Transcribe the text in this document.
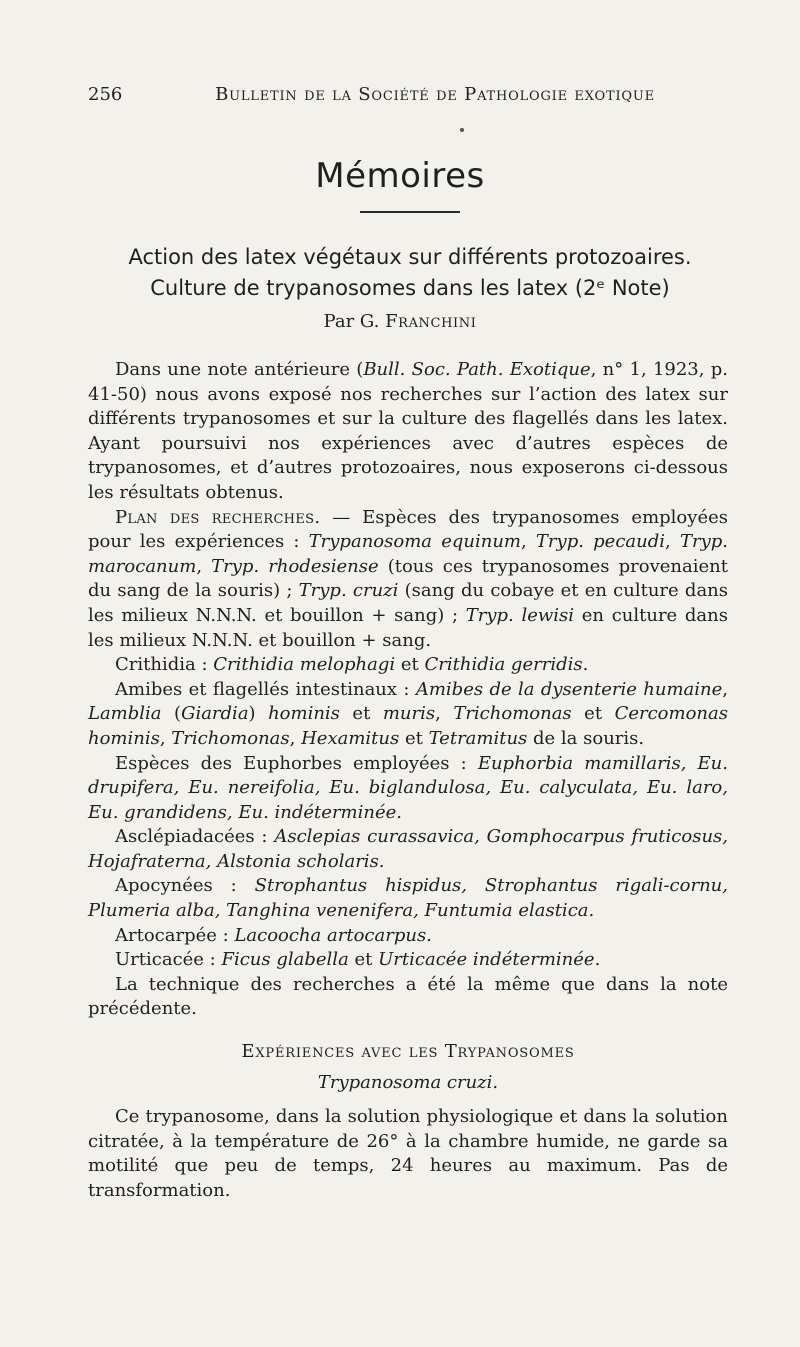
256	Bulletin de la Société de Pathologie exotique
Mémoires
Action des latex végétaux sur différents protozoaires.
Culture de trypanosomes dans les latex (2ᵉ Note)
Par G. Franchini

Dans une note antérieure (Bull. Soc. Path. Exotique, n° 1, 1923, p. 41-50) nous avons exposé nos recherches sur l’action des latex sur différents trypanosomes et sur la culture des flagellés dans les latex. Ayant poursuivi nos expériences avec d’autres espèces de trypanosomes, et d’autres protozoaires, nous exposerons ci-dessous les résultats obtenus.

Plan des recherches. — Espèces des trypanosomes employées pour les expériences : Trypanosoma equinum, Tryp. pecaudi, Tryp. marocanum, Tryp. rhodesiense (tous ces trypanosomes provenaient du sang de la souris) ; Tryp. cruzi (sang du cobaye et en culture dans les milieux N.N.N. et bouillon + sang) ; Tryp. lewisi en culture dans les milieux N.N.N. et bouillon + sang.

Crithidia : Crithidia melophagi et Crithidia gerridis.

Amibes et flagellés intestinaux : Amibes de la dysenterie humaine, Lamblia (Giardia) hominis et muris, Trichomonas et Cercomonas hominis, Trichomonas, Hexamitus et Tetramitus de la souris.

Espèces des Euphorbes employées : Euphorbia mamillaris, Eu. drupifera, Eu. nereifolia, Eu. biglandulosa, Eu. calyculata, Eu. laro, Eu. grandidens, Eu. indéterminée.

Asclépiadacées : Asclepias curassavica, Gomphocarpus fruticosus, Hojafraterna, Alstonia scholaris.

Apocynées : Strophantus hispidus, Strophantus rigali-cornu, Plumeria alba, Tanghina venenifera, Funtumia elastica.

Artocarpée : Lacoocha artocarpus.

Urticacée : Ficus glabella et Urticacée indéterminée.

La technique des recherches a été la même que dans la note précédente.

Expériences avec les Trypanosomes

Trypanosoma cruzi.

Ce trypanosome, dans la solution physiologique et dans la solution citratée, à la température de 26° à la chambre humide, ne garde sa motilité que peu de temps, 24 heures au maximum. Pas de transformation.
